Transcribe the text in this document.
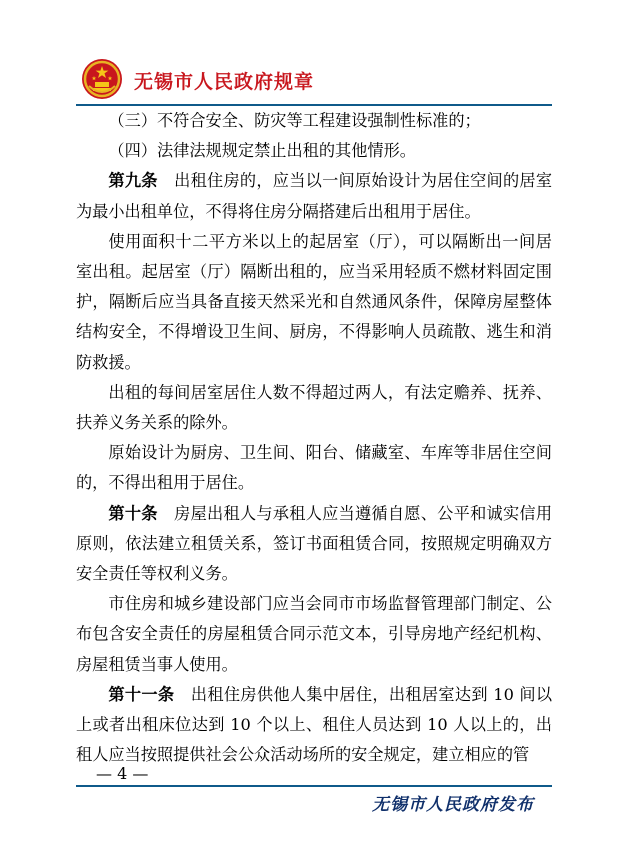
无锡市人民政府规章

（三）不符合安全、防灾等工程建设强制性标准的；

（四）法律法规规定禁止出租的其他情形。

第九条　出租住房的，应当以一间原始设计为居住空间的居室为最小出租单位，不得将住房分隔搭建后出租用于居住。

使用面积十二平方米以上的起居室（厅），可以隔断出一间居室出租。起居室（厅）隔断出租的，应当采用轻质不燃材料固定围护，隔断后应当具备直接天然采光和自然通风条件，保障房屋整体结构安全，不得增设卫生间、厨房，不得影响人员疏散、逃生和消防救援。

出租的每间居室居住人数不得超过两人，有法定赡养、抚养、扶养义务关系的除外。

原始设计为厨房、卫生间、阳台、储藏室、车库等非居住空间的，不得出租用于居住。

第十条　房屋出租人与承租人应当遵循自愿、公平和诚实信用原则，依法建立租赁关系，签订书面租赁合同，按照规定明确双方安全责任等权利义务。

市住房和城乡建设部门应当会同市市场监督管理部门制定、公布包含安全责任的房屋租赁合同示范文本，引导房地产经纪机构、房屋租赁当事人使用。

第十一条　出租住房供他人集中居住，出租居室达到 10 间以上或者出租床位达到 10 个以上、租住人员达到 10 人以上的，出租人应当按照提供社会公众活动场所的安全规定，建立相应的管

— 4 —
无锡市人民政府发布
